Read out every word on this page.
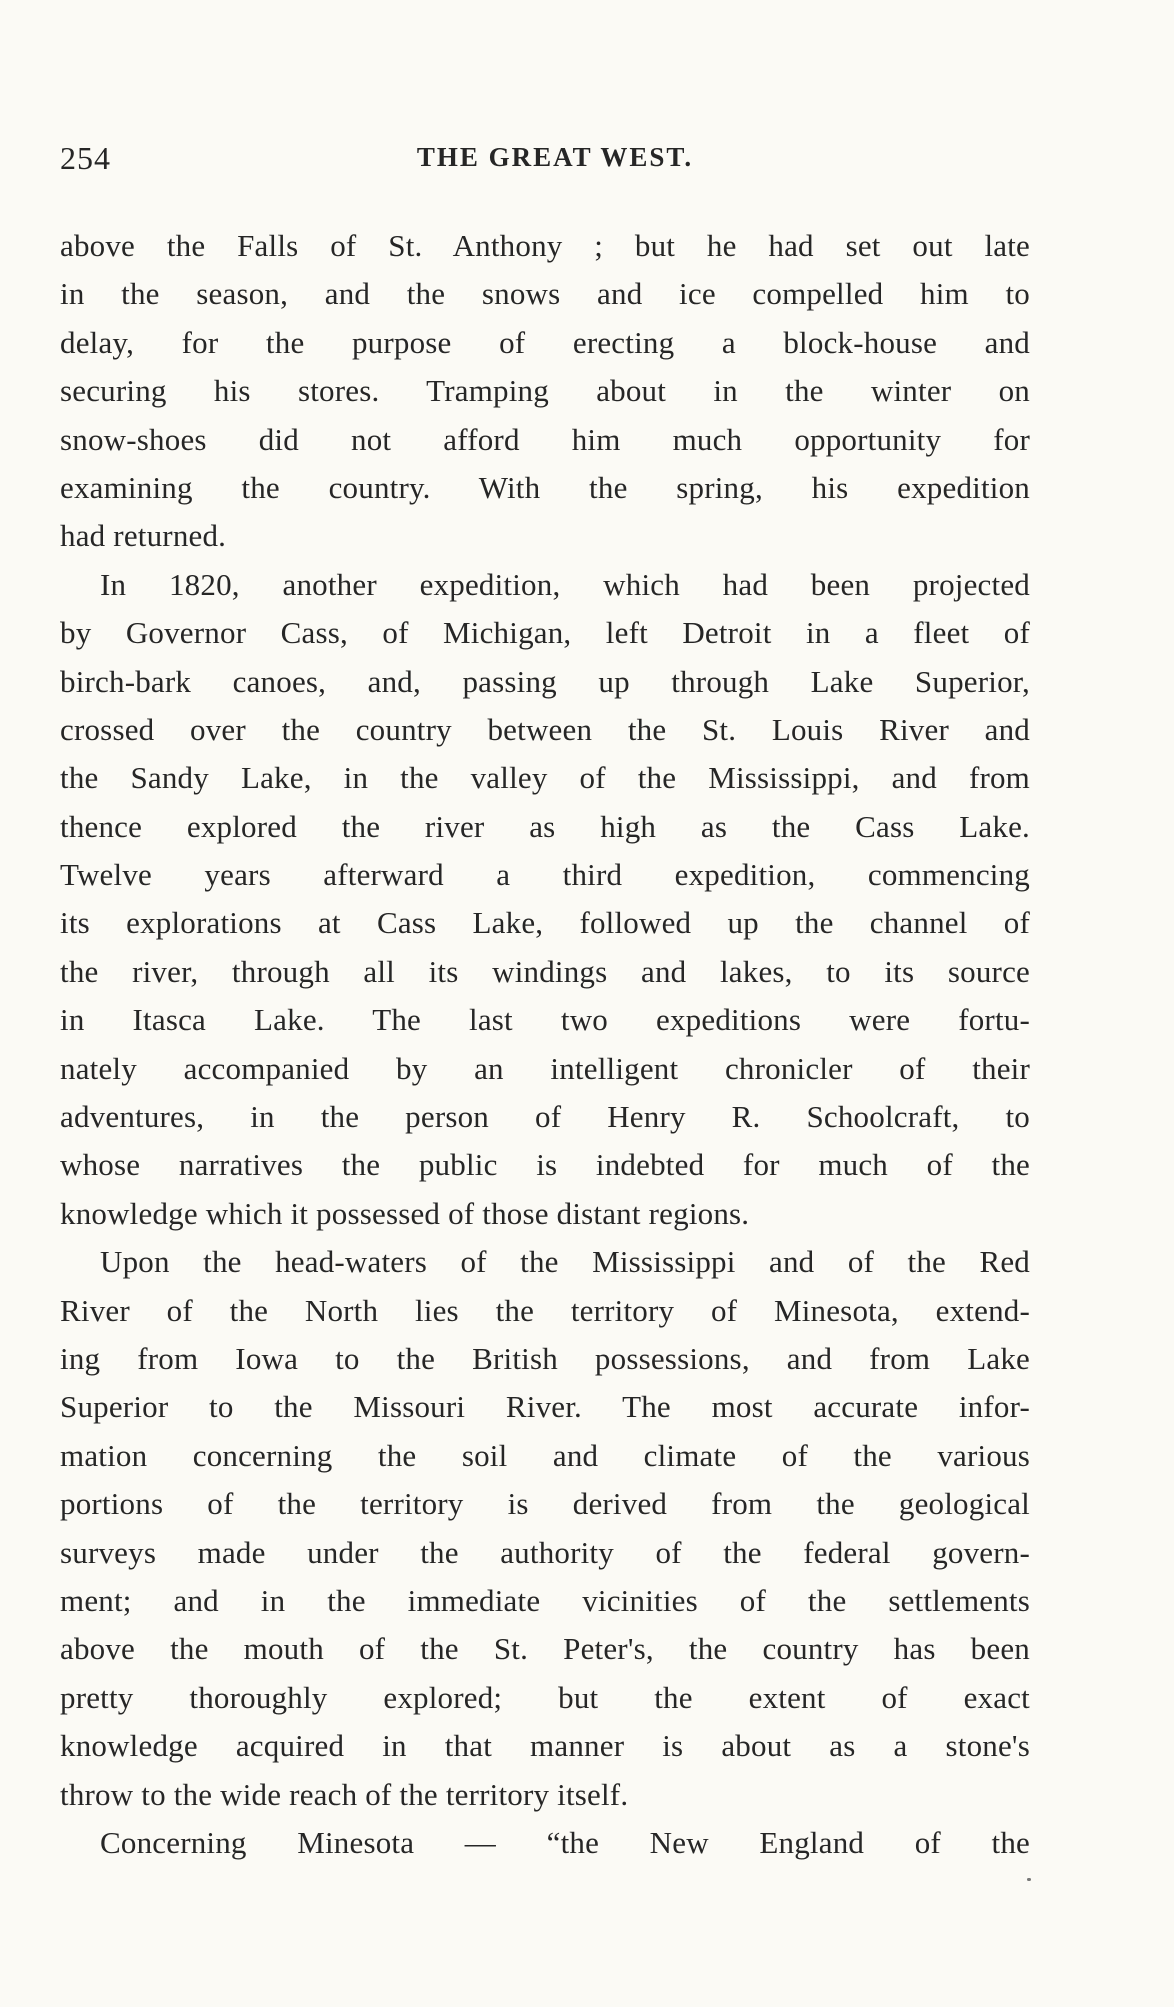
254	THE GREAT WEST.
above the Falls of St. Anthony ; but he had set out late
in the season, and the snows and ice compelled him to
delay, for the purpose of erecting a block-house and
securing his stores. Tramping about in the winter on
snow-shoes did not afford him much opportunity for
examining the country. With the spring, his expedition
had returned.
In 1820, another expedition, which had been projected
by Governor Cass, of Michigan, left Detroit in a fleet of
birch-bark canoes, and, passing up through Lake Superior,
crossed over the country between the St. Louis River and
the Sandy Lake, in the valley of the Mississippi, and from
thence explored the river as high as the Cass Lake.
Twelve years afterward a third expedition, commencing
its explorations at Cass Lake, followed up the channel of
the river, through all its windings and lakes, to its source
in Itasca Lake. The last two expeditions were fortu-
nately accompanied by an intelligent chronicler of their
adventures, in the person of Henry R. Schoolcraft, to
whose narratives the public is indebted for much of the
knowledge which it possessed of those distant regions.
Upon the head-waters of the Mississippi and of the Red
River of the North lies the territory of Minesota, extend-
ing from Iowa to the British possessions, and from Lake
Superior to the Missouri River. The most accurate infor-
mation concerning the soil and climate of the various
portions of the territory is derived from the geological
surveys made under the authority of the federal govern-
ment; and in the immediate vicinities of the settlements
above the mouth of the St. Peter's, the country has been
pretty thoroughly explored; but the extent of exact
knowledge acquired in that manner is about as a stone's
throw to the wide reach of the territory itself.
Concerning Minesota — “the New England of the
